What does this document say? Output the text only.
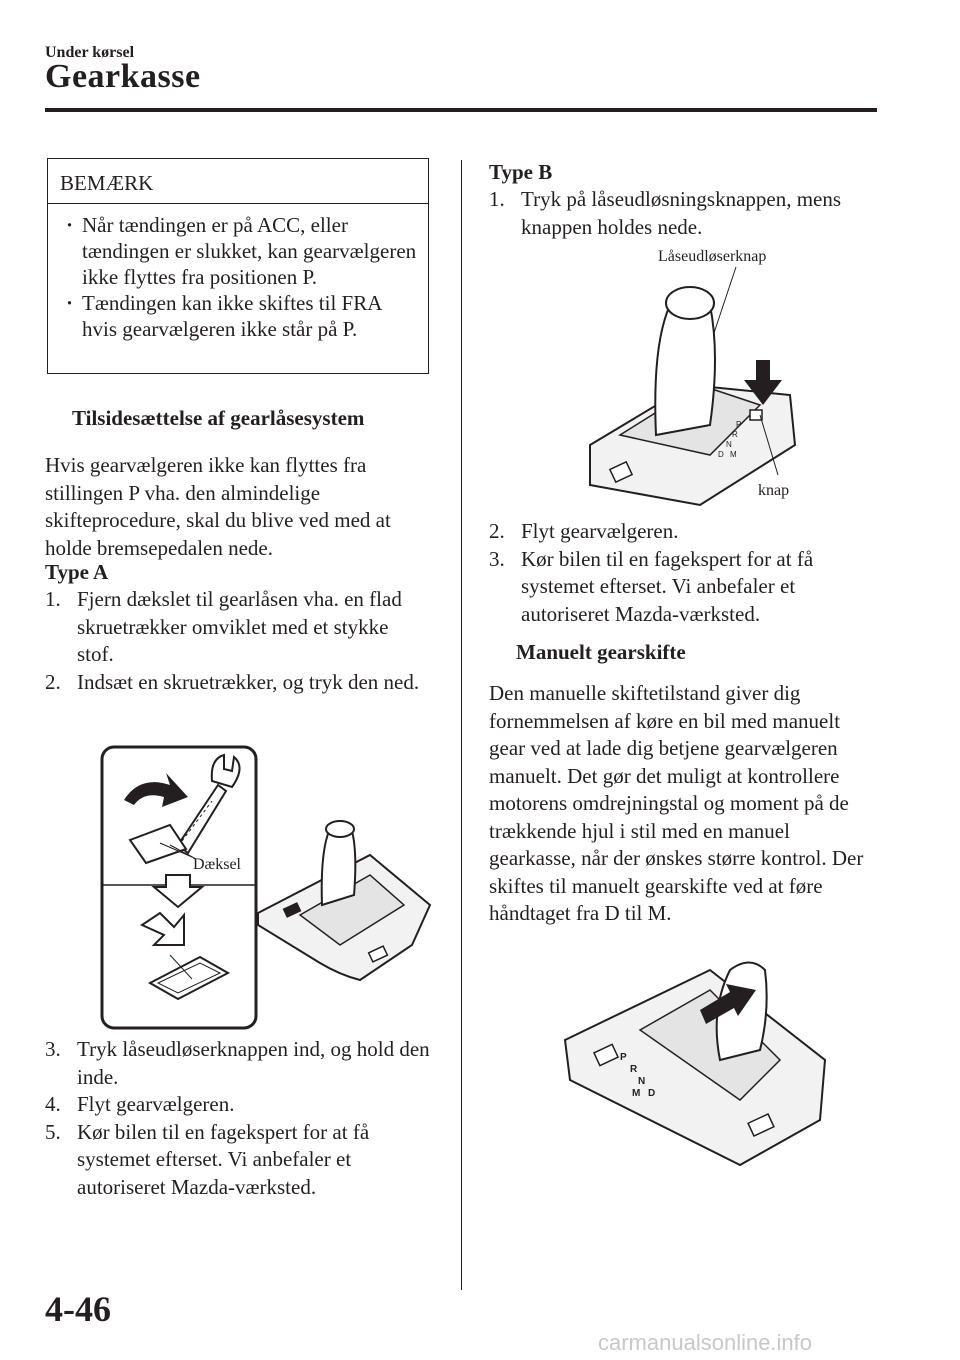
Under kørsel
Gearkasse
BEMÆRK
· Når tændingen er på ACC, eller tændingen er slukket, kan gearvælgeren ikke flyttes fra positionen P.
· Tændingen kan ikke skiftes til FRA hvis gearvælgeren ikke står på P.
Tilsidesættelse af gearlåsesystem
Hvis gearvælgeren ikke kan flyttes fra stillingen P vha. den almindelige skifteprocedure, skal du blive ved med at holde bremsepedalen nede.
Type A
1. Fjern dækslet til gearlåsen vha. en flad skruetrækker omviklet med et stykke stof.
2. Indsæt en skruetrækker, og tryk den ned.
Dæksel
3. Tryk låseudløserknappen ind, og hold den inde.
4. Flyt gearvælgeren.
5. Kør bilen til en fagekspert for at få systemet efterset. Vi anbefaler et autoriseret Mazda-værksted.
Type B
1. Tryk på låseudløsningsknappen, mens knappen holdes nede.
Låseudløserknap
P
R
N
D M
knap
2. Flyt gearvælgeren.
3. Kør bilen til en fagekspert for at få systemet efterset. Vi anbefaler et autoriseret Mazda-værksted.
Manuelt gearskifte
Den manuelle skiftetilstand giver dig fornemmelsen af køre en bil med manuelt gear ved at lade dig betjene gearvælgeren manuelt. Det gør det muligt at kontrollere motorens omdrejningstal og moment på de trækkende hjul i stil med en manuel gearkasse, når der ønskes større kontrol. Der skiftes til manuelt gearskifte ved at føre håndtaget fra D til M.
P
R
N
M D
4-46
carmanualsonline.info
